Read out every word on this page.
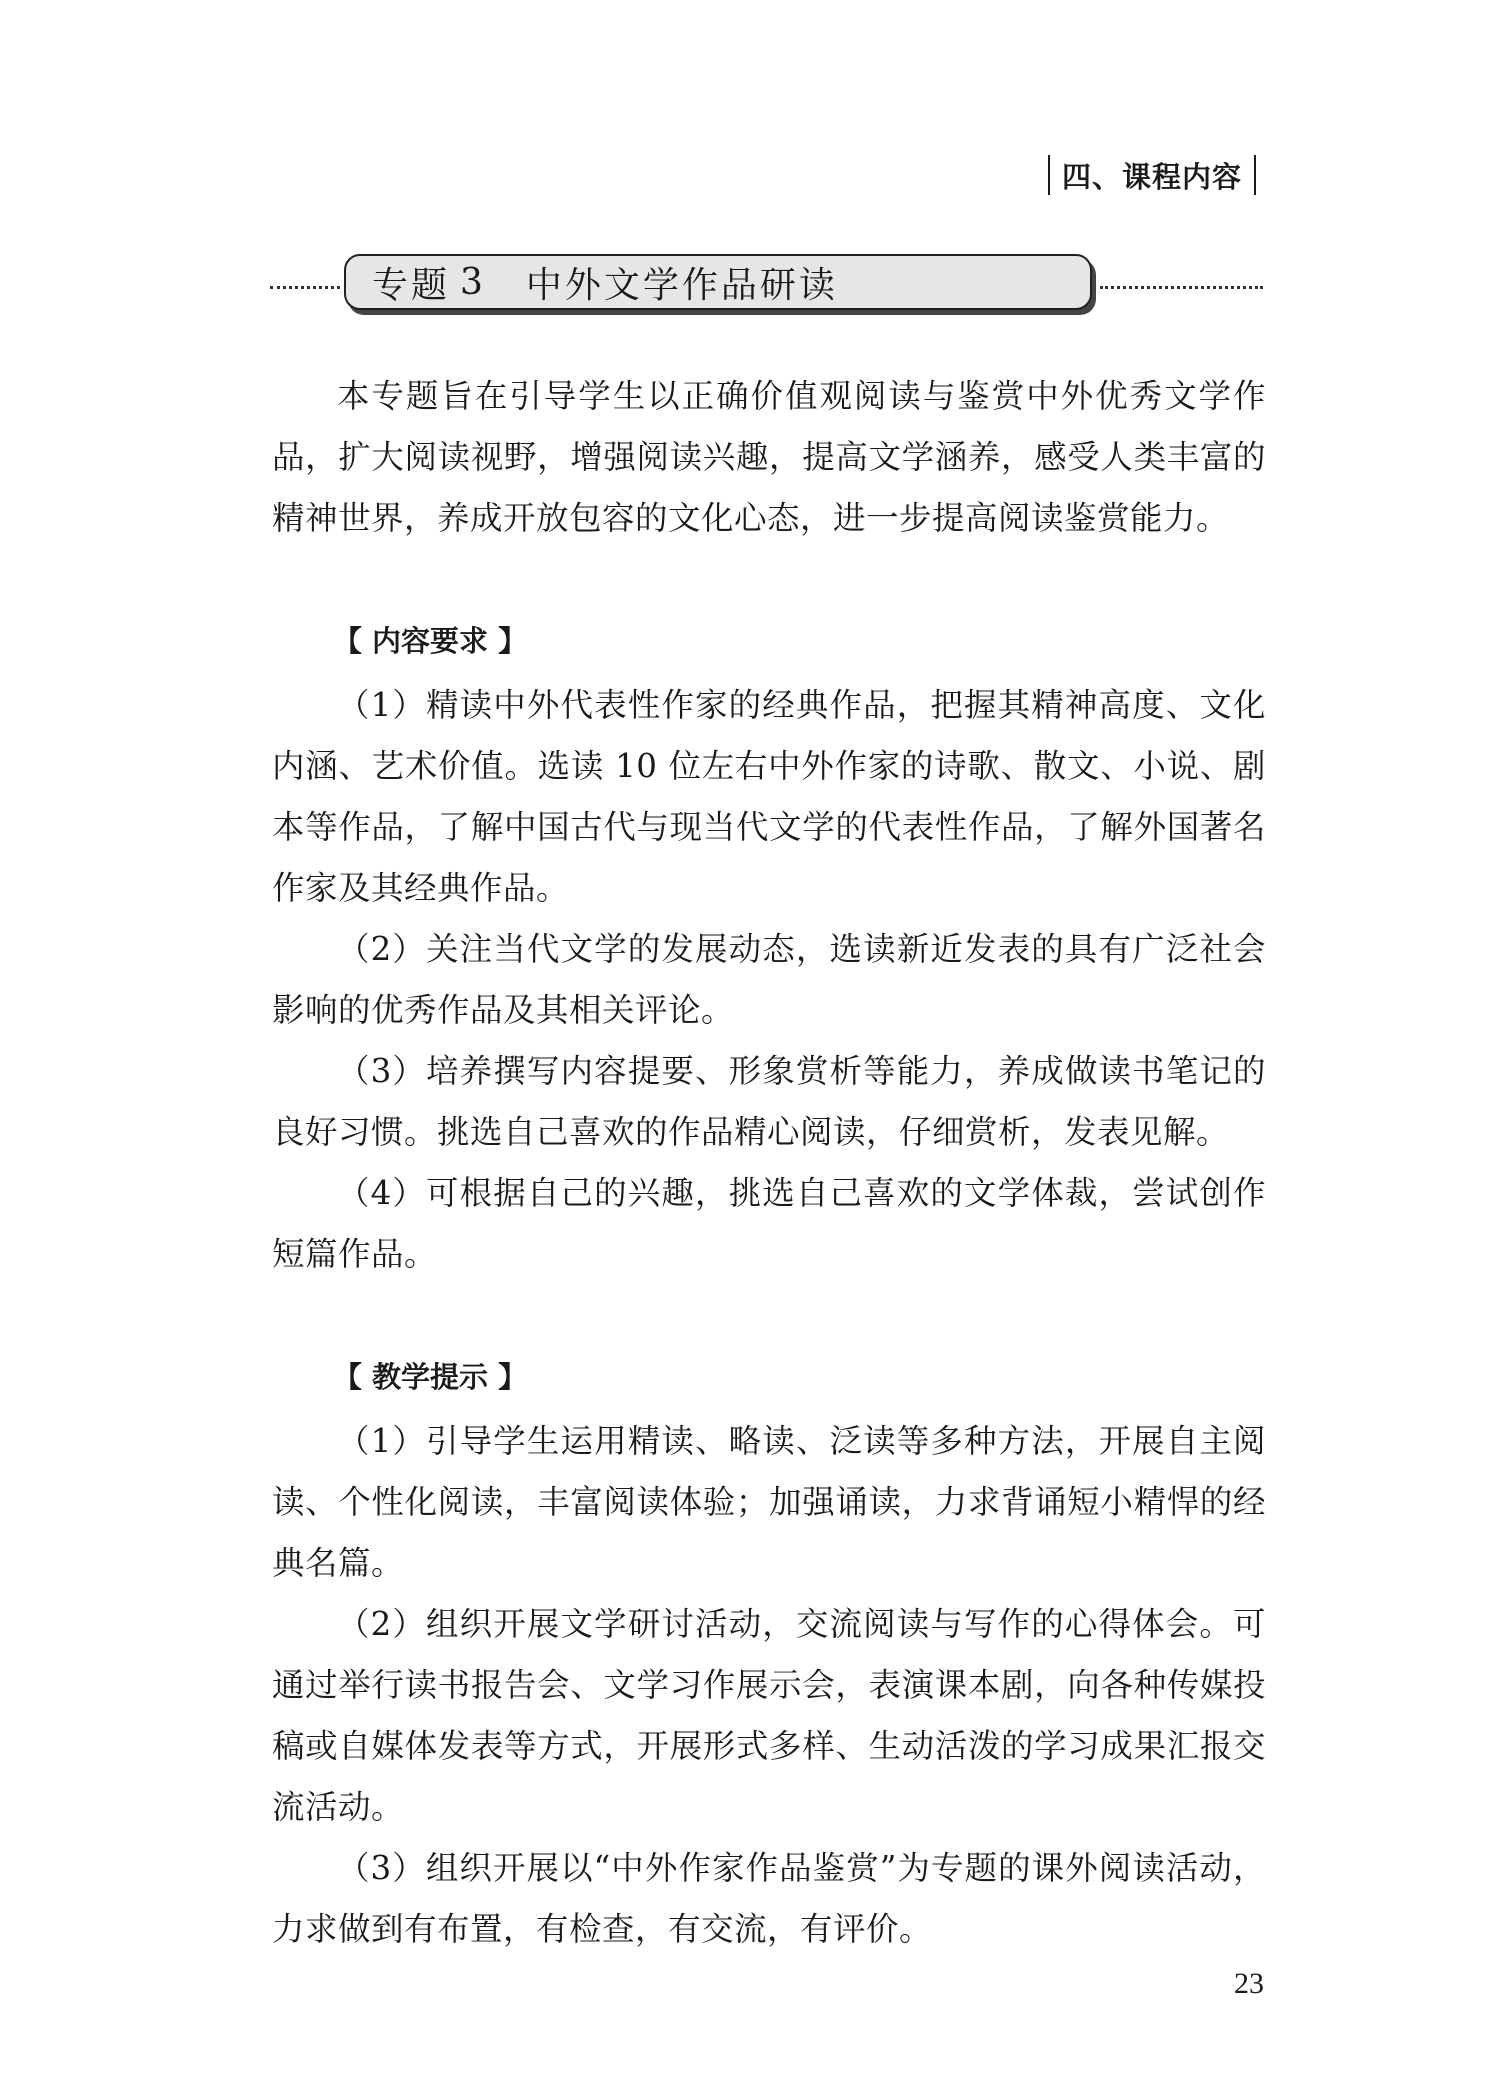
四、课程内容
专题 3 中外文学作品研读

本专题旨在引导学生以正确价值观阅读与鉴赏中外优秀文学作品，扩大阅读视野，增强阅读兴趣，提高文学涵养，感受人类丰富的精神世界，养成开放包容的文化心态，进一步提高阅读鉴赏能力。

【 内容要求 】

（1）精读中外代表性作家的经典作品，把握其精神高度、文化内涵、艺术价值。选读 10 位左右中外作家的诗歌、散文、小说、剧本等作品，了解中国古代与现当代文学的代表性作品，了解外国著名作家及其经典作品。

（2）关注当代文学的发展动态，选读新近发表的具有广泛社会影响的优秀作品及其相关评论。

（3）培养撰写内容提要、形象赏析等能力，养成做读书笔记的良好习惯。挑选自己喜欢的作品精心阅读，仔细赏析，发表见解。

（4）可根据自己的兴趣，挑选自己喜欢的文学体裁，尝试创作短篇作品。

【 教学提示 】

（1）引导学生运用精读、略读、泛读等多种方法，开展自主阅读、个性化阅读，丰富阅读体验；加强诵读，力求背诵短小精悍的经典名篇。

（2）组织开展文学研讨活动，交流阅读与写作的心得体会。可通过举行读书报告会、文学习作展示会，表演课本剧，向各种传媒投稿或自媒体发表等方式，开展形式多样、生动活泼的学习成果汇报交流活动。

（3）组织开展以“中外作家作品鉴赏”为专题的课外阅读活动，力求做到有布置，有检查，有交流，有评价。

23
